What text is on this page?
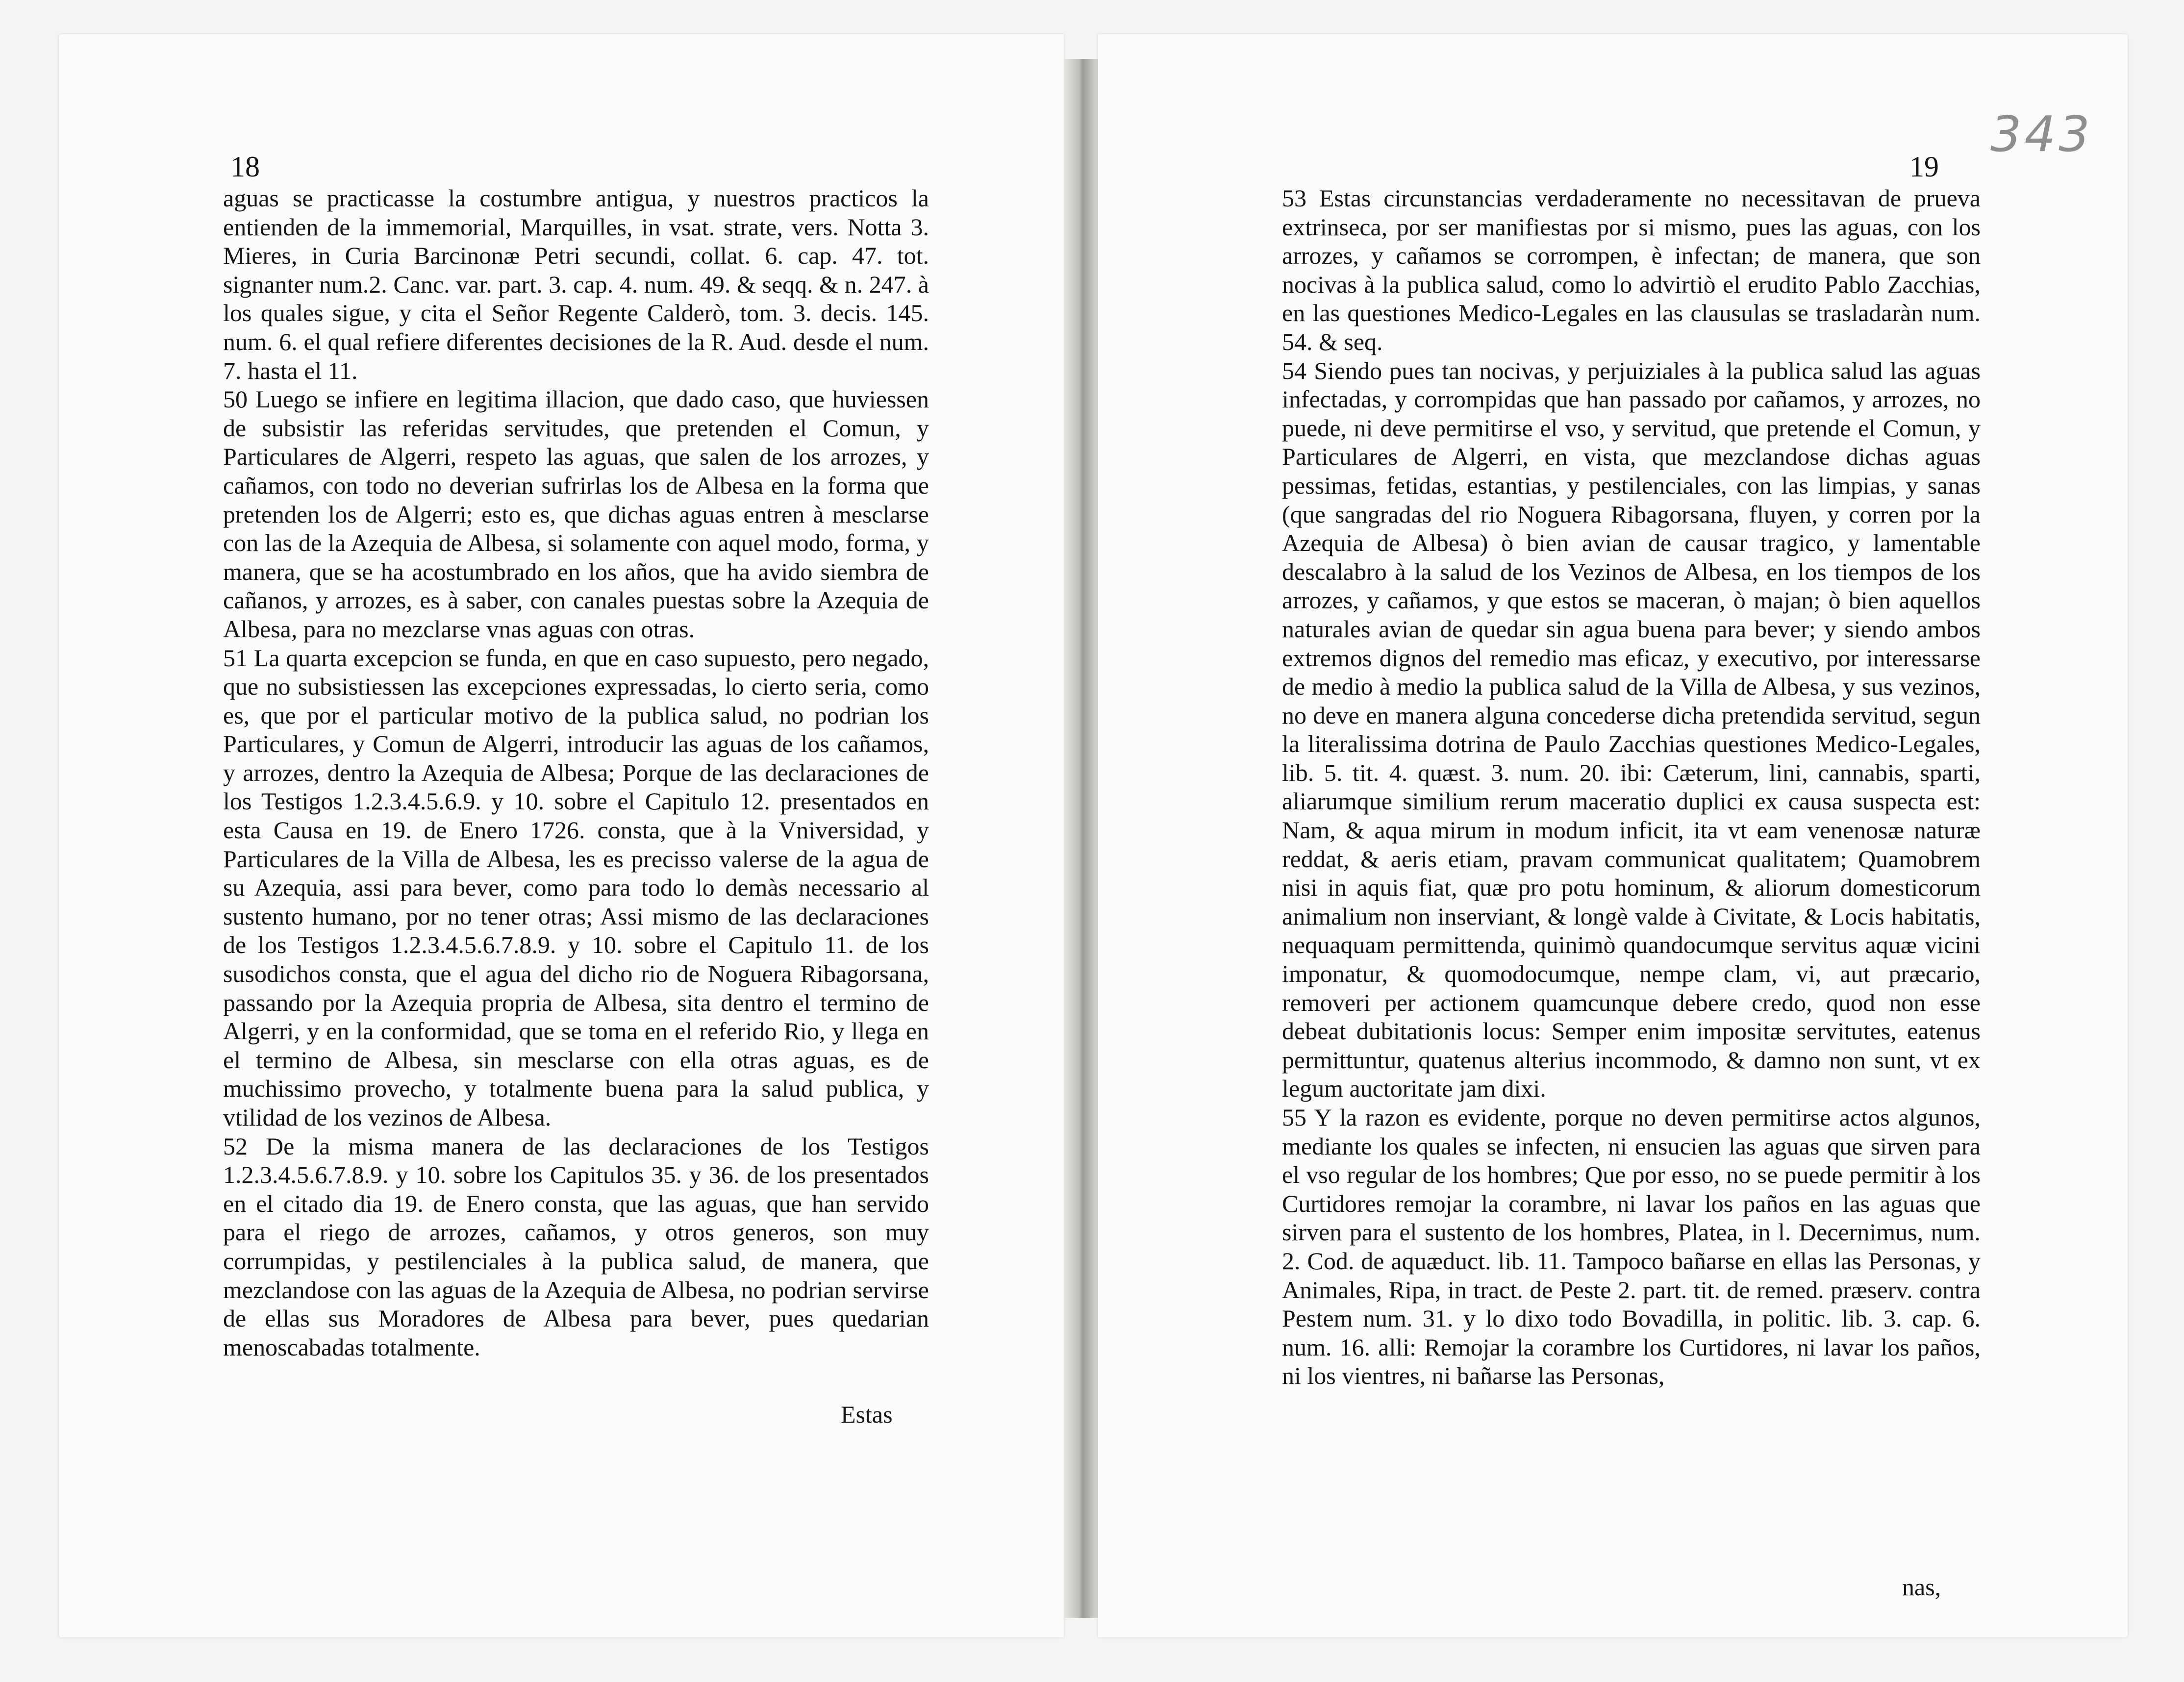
18	19
343

aguas se practicasse la costumbre antigua, y nuestros practicos la entienden de la immemorial, Marquilles, in vsat. strate, vers. Notta 3. Mieres, in Curia Barcinonæ Petri secundi, collat. 6. cap. 47. tot. signanter num.2. Canc. var. part. 3. cap. 4. num. 49. & seqq. & n. 247. à los quales sigue, y cita el Señor Regente Calderò, tom. 3. decis. 145. num. 6. el qual refiere diferentes decisiones de la R. Aud. desde el num. 7. hasta el 11.

50 Luego se infiere en legitima illacion, que dado caso, que huviessen de subsistir las referidas servitudes, que pretenden el Comun, y Particulares de Algerri, respeto las aguas, que salen de los arrozes, y cañamos, con todo no deverian sufrirlas los de Albesa en la forma que pretenden los de Algerri; esto es, que dichas aguas entren à mesclarse con las de la Azequia de Albesa, si solamente con aquel modo, forma, y manera, que se ha acostumbrado en los años, que ha avido siembra de cañanos, y arrozes, es à saber, con canales puestas sobre la Azequia de Albesa, para no mezclarse vnas aguas con otras.

51 La quarta excepcion se funda, en que en caso supuesto, pero negado, que no subsistiessen las excepciones expressadas, lo cierto seria, como es, que por el particular motivo de la publica salud, no podrian los Particulares, y Comun de Algerri, introducir las aguas de los cañamos, y arrozes, dentro la Azequia de Albesa; Porque de las declaraciones de los Testigos 1.2.3.4.5.6.9. y 10. sobre el Capitulo 12. presentados en esta Causa en 19. de Enero 1726. consta, que à la Vniversidad, y Particulares de la Villa de Albesa, les es precisso valerse de la agua de su Azequia, assi para bever, como para todo lo demàs necessario al sustento humano, por no tener otras; Assi mismo de las declaraciones de los Testigos 1.2.3.4.5.6.7.8.9. y 10. sobre el Capitulo 11. de los susodichos consta, que el agua del dicho rio de Noguera Ribagorsana, passando por la Azequia propria de Albesa, sita dentro el termino de Algerri, y en la conformidad, que se toma en el referido Rio, y llega en el termino de Albesa, sin mesclarse con ella otras aguas, es de muchissimo provecho, y totalmente buena para la salud publica, y vtilidad de los vezinos de Albesa.

52 De la misma manera de las declaraciones de los Testigos 1.2.3.4.5.6.7.8.9. y 10. sobre los Capitulos 35. y 36. de los presentados en el citado dia 19. de Enero consta, que las aguas, que han servido para el riego de arrozes, cañamos, y otros generos, son muy corrumpidas, y pestilenciales à la publica salud, de manera, que mezclandose con las aguas de la Azequia de Albesa, no podrian servirse de ellas sus Moradores de Albesa para bever, pues quedarian menoscabadas totalmente.

Estas

53 Estas circunstancias verdaderamente no necessitavan de prueva extrinseca, por ser manifiestas por si mismo, pues las aguas, con los arrozes, y cañamos se corrompen, è infectan; de manera, que son nocivas à la publica salud, como lo advirtiò el erudito Pablo Zacchias, en las questiones Medico-Legales en las clausulas se trasladaràn num. 54. & seq.

54 Siendo pues tan nocivas, y perjuiziales à la publica salud las aguas infectadas, y corrompidas que han passado por cañamos, y arrozes, no puede, ni deve permitirse el vso, y servitud, que pretende el Comun, y Particulares de Algerri, en vista, que mezclandose dichas aguas pessimas, fetidas, estantias, y pestilenciales, con las limpias, y sanas (que sangradas del rio Noguera Ribagorsana, fluyen, y corren por la Azequia de Albesa) ò bien avian de causar tragico, y lamentable descalabro à la salud de los Vezinos de Albesa, en los tiempos de los arrozes, y cañamos, y que estos se maceran, ò majan; ò bien aquellos naturales avian de quedar sin agua buena para bever; y siendo ambos extremos dignos del remedio mas eficaz, y executivo, por interessarse de medio à medio la publica salud de la Villa de Albesa, y sus vezinos, no deve en manera alguna concederse dicha pretendida servitud, segun la literalissima dotrina de Paulo Zacchias questiones Medico-Legales, lib. 5. tit. 4. quæst. 3. num. 20. ibi: Cæterum, lini, cannabis, sparti, aliarumque similium rerum maceratio duplici ex causa suspecta est: Nam, & aqua mirum in modum inficit, ita vt eam venenosæ naturæ reddat, & aeris etiam, pravam communicat qualitatem; Quamobrem nisi in aquis fiat, quæ pro potu hominum, & aliorum domesticorum animalium non inserviant, & longè valde à Civitate, & Locis habitatis, nequaquam permittenda, quinimò quandocumque servitus aquæ vicini imponatur, & quomodocumque, nempe clam, vi, aut præcario, removeri per actionem quamcunque debere credo, quod non esse debeat dubitationis locus: Semper enim impositæ servitutes, eatenus permittuntur, quatenus alterius incommodo, & damno non sunt, vt ex legum auctoritate jam dixi.

55 Y la razon es evidente, porque no deven permitirse actos algunos, mediante los quales se infecten, ni ensucien las aguas que sirven para el vso regular de los hombres; Que por esso, no se puede permitir à los Curtidores remojar la corambre, ni lavar los paños en las aguas que sirven para el sustento de los hombres, Platea, in l. Decernimus, num. 2. Cod. de aquæduct. lib. 11. Tampoco bañarse en ellas las Personas, y Animales, Ripa, in tract. de Peste 2. part. tit. de remed. præserv. contra Pestem num. 31. y lo dixo todo Bovadilla, in politic. lib. 3. cap. 6. num. 16. alli: Remojar la corambre los Curtidores, ni lavar los paños, ni los vientres, ni bañarse las Personas,

nas,
